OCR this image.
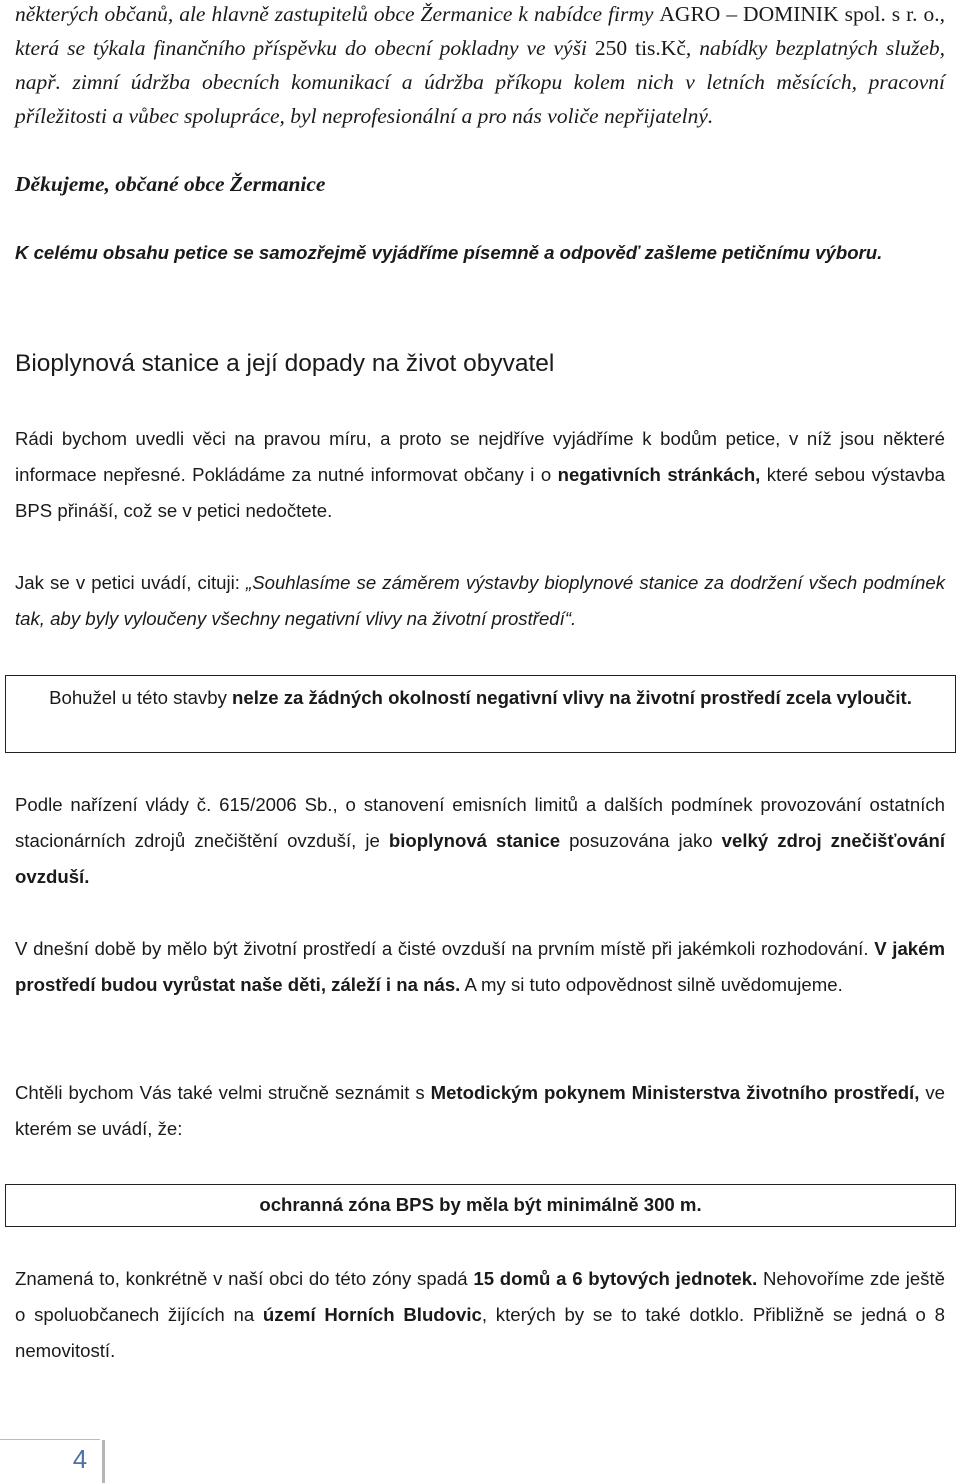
některých občanů, ale hlavně zastupitelů obce Žermanice k nabídce firmy AGRO – DOMINIK spol. s r. o., která se týkala finančního příspěvku do obecní pokladny ve výši 250 tis.Kč, nabídky bezplatných služeb, např. zimní údržba obecních komunikací a údržba příkopu kolem nich v letních měsících, pracovní příležitosti a vůbec spolupráce, byl neprofesionální a pro nás voliče nepřijatelný.

Děkujeme, občané obce Žermanice

K celému obsahu petice se samozřejmě vyjádříme písemně a odpověď zašleme petičnímu výboru.

Bioplynová stanice a její dopady na život obyvatel

Rádi bychom uvedli věci na pravou míru, a proto se nejdříve vyjádříme k bodům petice, v níž jsou některé informace nepřesné. Pokládáme za nutné informovat občany i o negativních stránkách, které sebou výstavba BPS přináší, což se v petici nedočtete.

Jak se v petici uvádí, cituji: „Souhlasíme se záměrem výstavby bioplynové stanice za dodržení všech podmínek tak, aby byly vyloučeny všechny negativní vlivy na životní prostředí“.

Bohužel u této stavby nelze za žádných okolností negativní vlivy na životní prostředí zcela vyloučit.

Podle nařízení vlády č. 615/2006 Sb., o stanovení emisních limitů a dalších podmínek provozování ostatních stacionárních zdrojů znečištění ovzduší, je bioplynová stanice posuzována jako velký zdroj znečišťování ovzduší.

V dnešní době by mělo být životní prostředí a čisté ovzduší na prvním místě při jakémkoli rozhodování. V jakém prostředí budou vyrůstat naše děti, záleží i na nás. A my si tuto odpovědnost silně uvědomujeme.

Chtěli bychom Vás také velmi stručně seznámit s Metodickým pokynem Ministerstva životního prostředí, ve kterém se uvádí, že:

ochranná zóna BPS by měla být minimálně 300 m.

Znamená to, konkrétně v naší obci do této zóny spadá 15 domů a 6 bytových jednotek. Nehovoříme zde ještě o spoluobčanech žijících na území Horních Bludovic, kterých by se to také dotklo. Přibližně se jedná o 8 nemovitostí.

4
